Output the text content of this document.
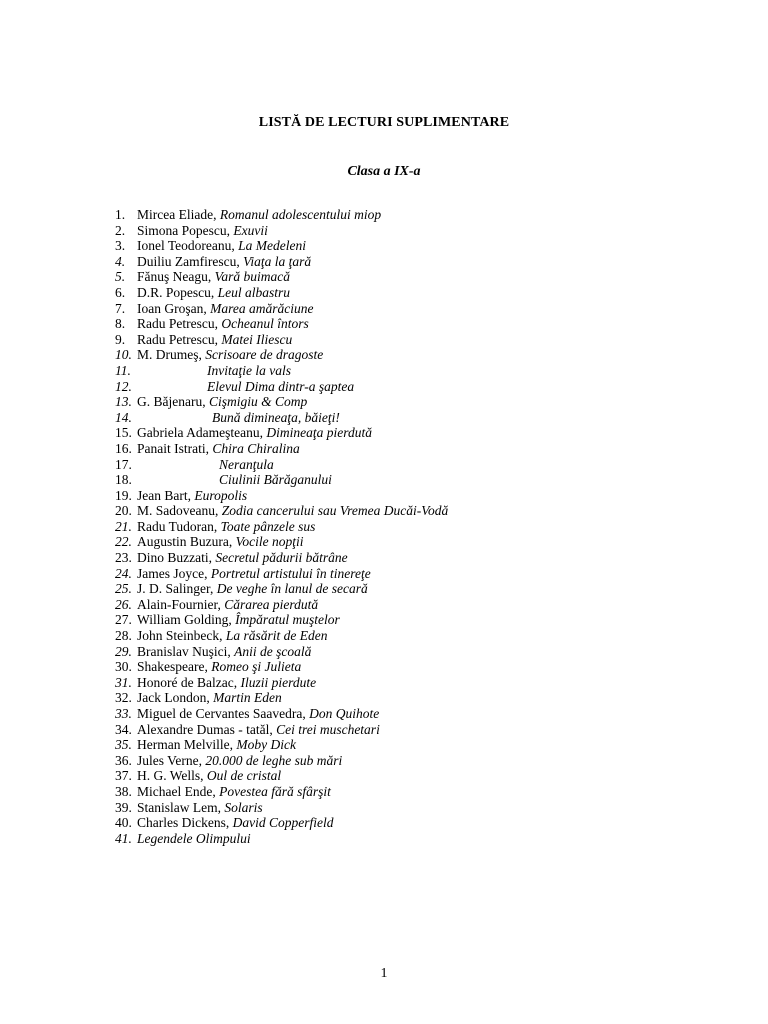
LISTĂ DE LECTURI SUPLIMENTARE
Clasa a IX-a
1. Mircea Eliade, Romanul adolescentului miop
2. Simona Popescu, Exuvii
3. Ionel Teodoreanu, La Medeleni
4. Duiliu Zamfirescu, Viaţa la ţară
5. Fănuş Neagu, Vară buimacă
6. D.R. Popescu, Leul albastru
7. Ioan Groşan, Marea amărăciune
8. Radu Petrescu, Ocheanul întors
9. Radu Petrescu, Matei Iliescu
10. M. Drumeş, Scrisoare de dragoste
11.	Invitaţie la vals
12.	Elevul Dima dintr-a şaptea
13. G. Băjenaru, Cişmigiu & Comp
14.	Bună dimineaţa, băieţi!
15. Gabriela Adameşteanu, Dimineaţa pierdută
16. Panait Istrati, Chira Chiralina
17.	Neranţula
18.	Ciulinii Bărăganului
19. Jean Bart, Europolis
20. M. Sadoveanu, Zodia cancerului sau Vremea Ducăi-Vodă
21. Radu Tudoran, Toate pânzele sus
22. Augustin Buzura, Vocile nopţii
23. Dino Buzzati, Secretul pădurii bătrâne
24. James Joyce, Portretul artistului în tinereţe
25. J. D. Salinger, De veghe în lanul de secară
26. Alain-Fournier, Cărarea pierdută
27. William Golding, Împăratul muştelor
28. John Steinbeck, La răsărit de Eden
29. Branislav Nuşici, Anii de şcoală
30. Shakespeare, Romeo şi Julieta
31. Honoré de Balzac, Iluzii pierdute
32. Jack London, Martin Eden
33. Miguel de Cervantes Saavedra, Don Quihote
34. Alexandre Dumas - tatăl, Cei trei muschetari
35. Herman Melville, Moby Dick
36. Jules Verne, 20.000 de leghe sub mări
37. H. G. Wells, Oul de cristal
38. Michael Ende, Povestea fără sfârşit
39. Stanislaw Lem, Solaris
40. Charles Dickens, David Copperfield
41. Legendele Olimpului
1
